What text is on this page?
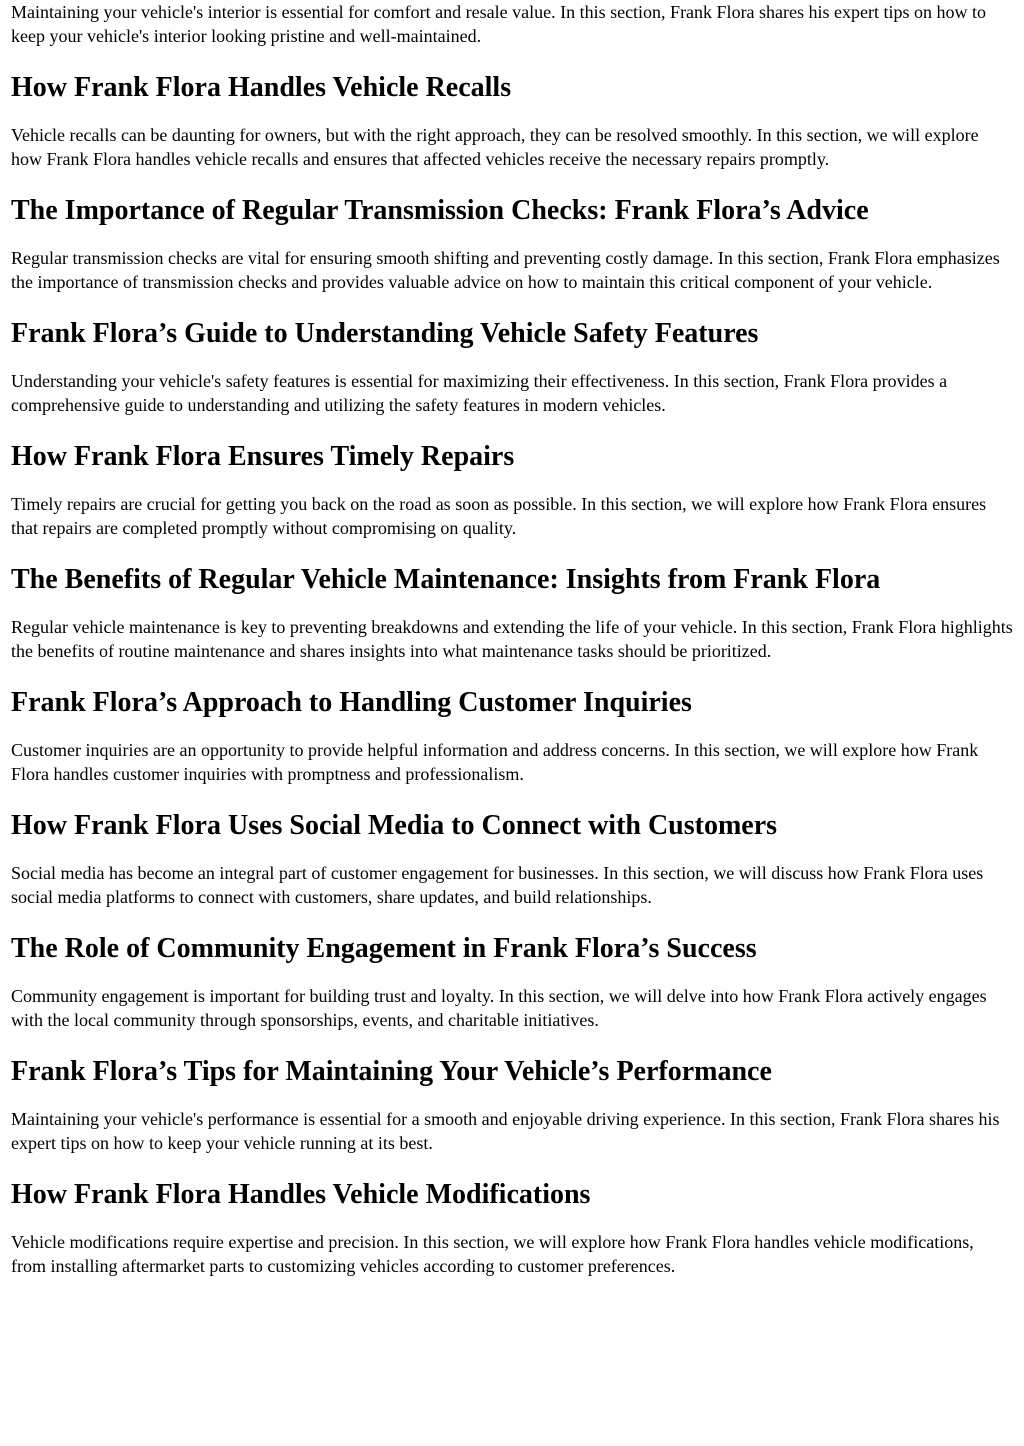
Maintaining your vehicle's interior is essential for comfort and resale value. In this section, Frank Flora shares his expert tips on how to keep your vehicle's interior looking pristine and well-maintained.

How Frank Flora Handles Vehicle Recalls

Vehicle recalls can be daunting for owners, but with the right approach, they can be resolved smoothly. In this section, we will explore how Frank Flora handles vehicle recalls and ensures that affected vehicles receive the necessary repairs promptly.

The Importance of Regular Transmission Checks: Frank Flora’s Advice

Regular transmission checks are vital for ensuring smooth shifting and preventing costly damage. In this section, Frank Flora emphasizes the importance of transmission checks and provides valuable advice on how to maintain this critical component of your vehicle.

Frank Flora’s Guide to Understanding Vehicle Safety Features

Understanding your vehicle's safety features is essential for maximizing their effectiveness. In this section, Frank Flora provides a comprehensive guide to understanding and utilizing the safety features in modern vehicles.

How Frank Flora Ensures Timely Repairs

Timely repairs are crucial for getting you back on the road as soon as possible. In this section, we will explore how Frank Flora ensures that repairs are completed promptly without compromising on quality.

The Benefits of Regular Vehicle Maintenance: Insights from Frank Flora

Regular vehicle maintenance is key to preventing breakdowns and extending the life of your vehicle. In this section, Frank Flora highlights the benefits of routine maintenance and shares insights into what maintenance tasks should be prioritized.

Frank Flora’s Approach to Handling Customer Inquiries

Customer inquiries are an opportunity to provide helpful information and address concerns. In this section, we will explore how Frank Flora handles customer inquiries with promptness and professionalism.

How Frank Flora Uses Social Media to Connect with Customers

Social media has become an integral part of customer engagement for businesses. In this section, we will discuss how Frank Flora uses social media platforms to connect with customers, share updates, and build relationships.

The Role of Community Engagement in Frank Flora’s Success

Community engagement is important for building trust and loyalty. In this section, we will delve into how Frank Flora actively engages with the local community through sponsorships, events, and charitable initiatives.

Frank Flora’s Tips for Maintaining Your Vehicle’s Performance

Maintaining your vehicle's performance is essential for a smooth and enjoyable driving experience. In this section, Frank Flora shares his expert tips on how to keep your vehicle running at its best.

How Frank Flora Handles Vehicle Modifications

Vehicle modifications require expertise and precision. In this section, we will explore how Frank Flora handles vehicle modifications, from installing aftermarket parts to customizing vehicles according to customer preferences.
